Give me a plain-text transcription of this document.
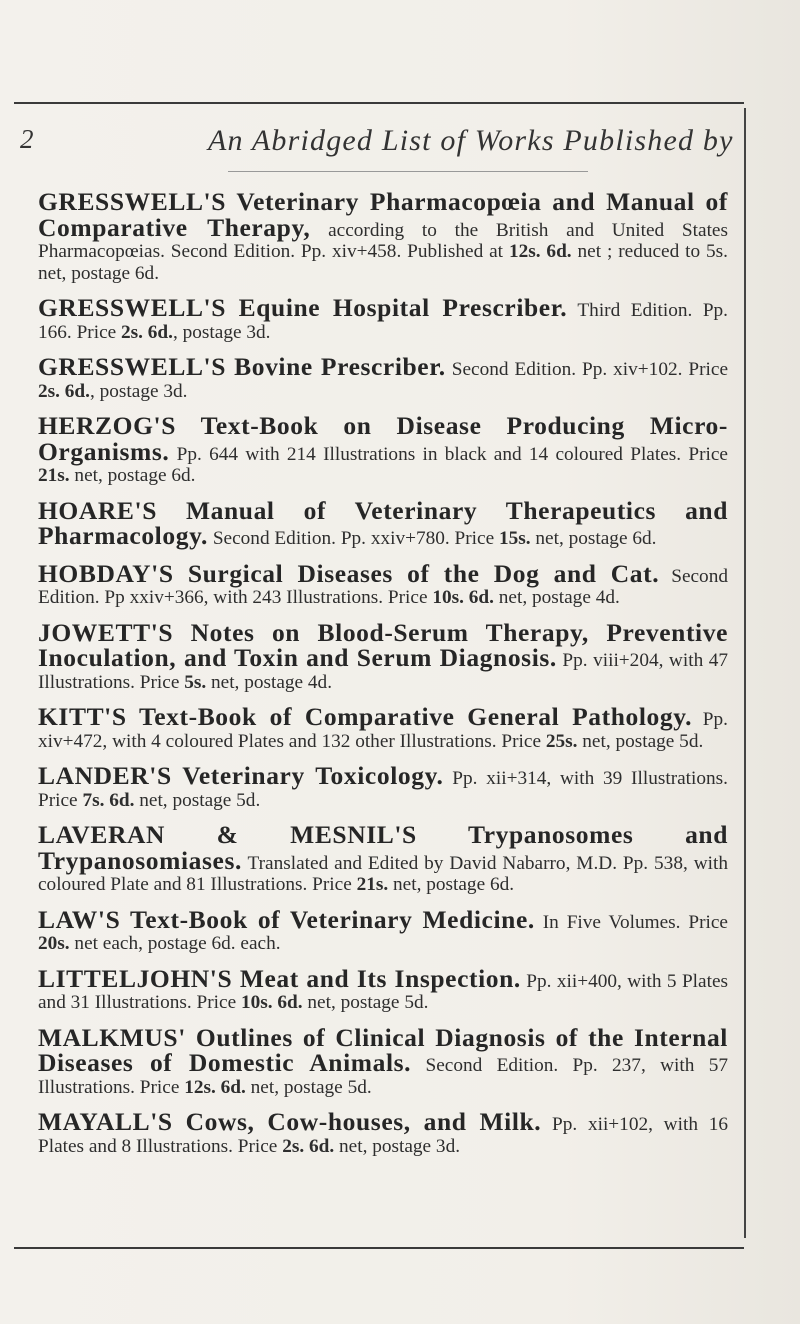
2	An Abridged List of Works Published by
GRESSWELL'S Veterinary Pharmacopœia and Manual of Comparative Therapy, according to the British and United States Pharmacopœias. Second Edition. Pp. xiv+458. Published at 12s. 6d. net ; reduced to 5s. net, postage 6d.
GRESSWELL'S Equine Hospital Prescriber. Third Edition. Pp. 166. Price 2s. 6d., postage 3d.
GRESSWELL'S Bovine Prescriber. Second Edition. Pp. xiv+102. Price 2s. 6d., postage 3d.
HERZOG'S Text-Book on Disease Producing Micro-Organisms. Pp. 644 with 214 Illustrations in black and 14 coloured Plates. Price 21s. net, postage 6d.
HOARE'S Manual of Veterinary Therapeutics and Pharmacology. Second Edition. Pp. xxiv+780. Price 15s. net, postage 6d.
HOBDAY'S Surgical Diseases of the Dog and Cat. Second Edition. Pp xxiv+366, with 243 Illustrations. Price 10s. 6d. net, postage 4d.
JOWETT'S Notes on Blood-Serum Therapy, Preventive Inoculation, and Toxin and Serum Diagnosis. Pp. viii+204, with 47 Illustrations. Price 5s. net, postage 4d.
KITT'S Text-Book of Comparative General Pathology. Pp. xiv+472, with 4 coloured Plates and 132 other Illustrations. Price 25s. net, postage 5d.
LANDER'S Veterinary Toxicology. Pp. xii+314, with 39 Illustrations. Price 7s. 6d. net, postage 5d.
LAVERAN & MESNIL'S Trypanosomes and Trypanosomiases. Translated and Edited by David Nabarro, M.D. Pp. 538, with coloured Plate and 81 Illustrations. Price 21s. net, postage 6d.
LAW'S Text-Book of Veterinary Medicine. In Five Volumes. Price 20s. net each, postage 6d. each.
LITTELJOHN'S Meat and Its Inspection. Pp. xii+400, with 5 Plates and 31 Illustrations. Price 10s. 6d. net, postage 5d.
MALKMUS' Outlines of Clinical Diagnosis of the Internal Diseases of Domestic Animals. Second Edition. Pp. 237, with 57 Illustrations. Price 12s. 6d. net, postage 5d.
MAYALL'S Cows, Cow-houses, and Milk. Pp. xii+102, with 16 Plates and 8 Illustrations. Price 2s. 6d. net, postage 3d.
